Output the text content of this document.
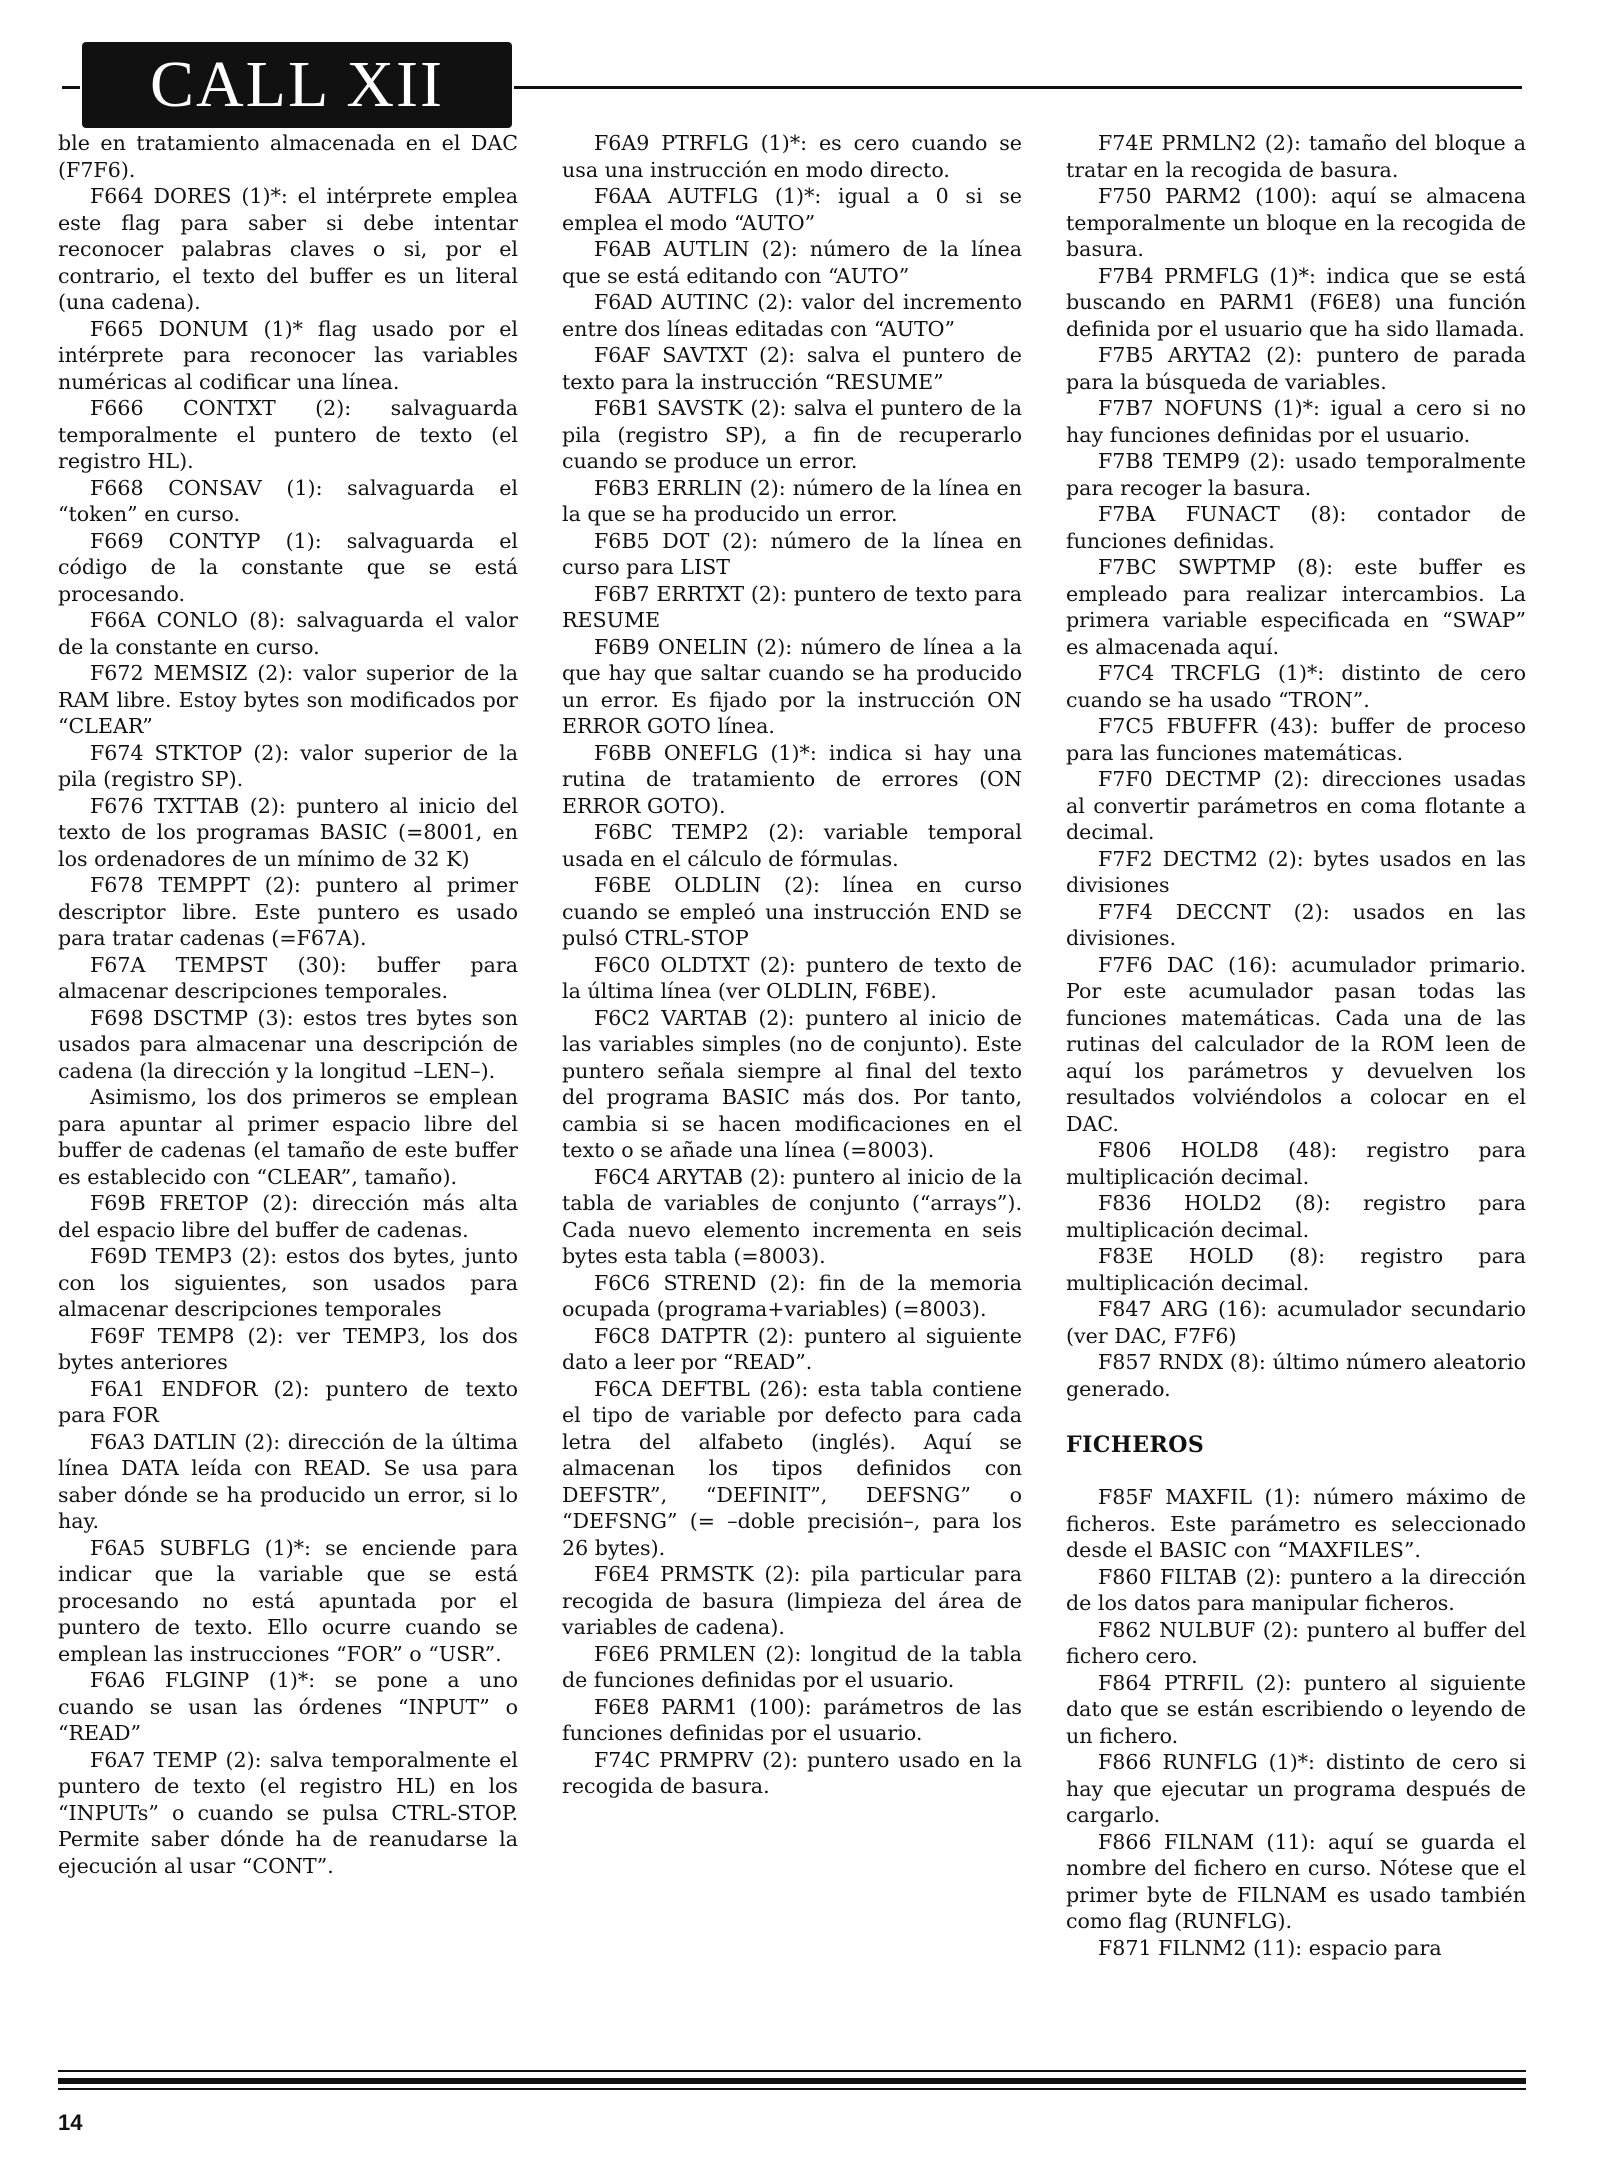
CALL XII

ble en tratamiento almacenada en el DAC (F7F6).

F664 DORES (1)*: el intérprete emplea este flag para saber si debe intentar reconocer palabras claves o si, por el contrario, el texto del buffer es un literal (una cadena).

F665 DONUM (1)* flag usado por el intérprete para reconocer las variables numéricas al codificar una línea.

F666 CONTXT (2): salvaguarda temporalmente el puntero de texto (el registro HL).

F668 CONSAV (1): salvaguarda el “token” en curso.

F669 CONTYP (1): salvaguarda el código de la constante que se está procesando.

F66A CONLO (8): salvaguarda el valor de la constante en curso.

F672 MEMSIZ (2): valor superior de la RAM libre. Estoy bytes son modificados por “CLEAR”

F674 STKTOP (2): valor superior de la pila (registro SP).

F676 TXTTAB (2): puntero al inicio del texto de los programas BASIC (=8001, en los ordenadores de un mínimo de 32 K)

F678 TEMPPT (2): puntero al primer descriptor libre. Este puntero es usado para tratar cadenas (=F67A).

F67A TEMPST (30): buffer para almacenar descripciones temporales.

F698 DSCTMP (3): estos tres bytes son usados para almacenar una descripción de cadena (la dirección y la longitud –LEN–).

Asimismo, los dos primeros se emplean para apuntar al primer espacio libre del buffer de cadenas (el tamaño de este buffer es establecido con “CLEAR”, tamaño).

F69B FRETOP (2): dirección más alta del espacio libre del buffer de cadenas.

F69D TEMP3 (2): estos dos bytes, junto con los siguientes, son usados para almacenar descripciones temporales

F69F TEMP8 (2): ver TEMP3, los dos bytes anteriores

F6A1 ENDFOR (2): puntero de texto para FOR

F6A3 DATLIN (2): dirección de la última línea DATA leída con READ. Se usa para saber dónde se ha producido un error, si lo hay.

F6A5 SUBFLG (1)*: se enciende para indicar que la variable que se está procesando no está apuntada por el puntero de texto. Ello ocurre cuando se emplean las instrucciones “FOR” o “USR”.

F6A6 FLGINP (1)*: se pone a uno cuando se usan las órdenes “INPUT” o “READ”

F6A7 TEMP (2): salva temporalmente el puntero de texto (el registro HL) en los “INPUTs” o cuando se pulsa CTRL-STOP. Permite saber dónde ha de reanudarse la ejecución al usar “CONT”.

F6A9 PTRFLG (1)*: es cero cuando se usa una instrucción en modo directo.

F6AA AUTFLG (1)*: igual a 0 si se emplea el modo “AUTO”

F6AB AUTLIN (2): número de la línea que se está editando con “AUTO”

F6AD AUTINC (2): valor del incremento entre dos líneas editadas con “AUTO”

F6AF SAVTXT (2): salva el puntero de texto para la instrucción “RESUME”

F6B1 SAVSTK (2): salva el puntero de la pila (registro SP), a fin de recuperarlo cuando se produce un error.

F6B3 ERRLIN (2): número de la línea en la que se ha producido un error.

F6B5 DOT (2): número de la línea en curso para LIST

F6B7 ERRTXT (2): puntero de texto para RESUME

F6B9 ONELIN (2): número de línea a la que hay que saltar cuando se ha producido un error. Es fijado por la instrucción ON ERROR GOTO línea.

F6BB ONEFLG (1)*: indica si hay una rutina de tratamiento de errores (ON ERROR GOTO).

F6BC TEMP2 (2): variable temporal usada en el cálculo de fórmulas.

F6BE OLDLIN (2): línea en curso cuando se empleó una instrucción END se pulsó CTRL-STOP

F6C0 OLDTXT (2): puntero de texto de la última línea (ver OLDLIN, F6BE).

F6C2 VARTAB (2): puntero al inicio de las variables simples (no de conjunto). Este puntero señala siempre al final del texto del programa BASIC más dos. Por tanto, cambia si se hacen modificaciones en el texto o se añade una línea (=8003).

F6C4 ARYTAB (2): puntero al inicio de la tabla de variables de conjunto (“arrays”). Cada nuevo elemento incrementa en seis bytes esta tabla (=8003).

F6C6 STREND (2): fin de la memoria ocupada (programa+variables) (=8003).

F6C8 DATPTR (2): puntero al siguiente dato a leer por “READ”.

F6CA DEFTBL (26): esta tabla contiene el tipo de variable por defecto para cada letra del alfabeto (inglés). Aquí se almacenan los tipos definidos con DEFSTR”, “DEFINIT”, DEFSNG” o “DEFSNG” (= –doble precisión–, para los 26 bytes).

F6E4 PRMSTK (2): pila particular para recogida de basura (limpieza del área de variables de cadena).

F6E6 PRMLEN (2): longitud de la tabla de funciones definidas por el usuario.

F6E8 PARM1 (100): parámetros de las funciones definidas por el usuario.

F74C PRMPRV (2): puntero usado en la recogida de basura.

F74E PRMLN2 (2): tamaño del bloque a tratar en la recogida de basura.

F750 PARM2 (100): aquí se almacena temporalmente un bloque en la recogida de basura.

F7B4 PRMFLG (1)*: indica que se está buscando en PARM1 (F6E8) una función definida por el usuario que ha sido llamada.

F7B5 ARYTA2 (2): puntero de parada para la búsqueda de variables.

F7B7 NOFUNS (1)*: igual a cero si no hay funciones definidas por el usuario.

F7B8 TEMP9 (2): usado temporalmente para recoger la basura.

F7BA FUNACT (8): contador de funciones definidas.

F7BC SWPTMP (8): este buffer es empleado para realizar intercambios. La primera variable especificada en “SWAP” es almacenada aquí.

F7C4 TRCFLG (1)*: distinto de cero cuando se ha usado “TRON”.

F7C5 FBUFFR (43): buffer de proceso para las funciones matemáticas.

F7F0 DECTMP (2): direcciones usadas al convertir parámetros en coma flotante a decimal.

F7F2 DECTM2 (2): bytes usados en las divisiones

F7F4 DECCNT (2): usados en las divisiones.

F7F6 DAC (16): acumulador primario. Por este acumulador pasan todas las funciones matemáticas. Cada una de las rutinas del calculador de la ROM leen de aquí los parámetros y devuelven los resultados volviéndolos a colocar en el DAC.

F806 HOLD8 (48): registro para multiplicación decimal.

F836 HOLD2 (8): registro para multiplicación decimal.

F83E HOLD (8): registro para multiplicación decimal.

F847 ARG (16): acumulador secundario (ver DAC, F7F6)

F857 RNDX (8): último número aleatorio generado.

FICHEROS

F85F MAXFIL (1): número máximo de ficheros. Este parámetro es seleccionado desde el BASIC con “MAXFILES”.

F860 FILTAB (2): puntero a la dirección de los datos para manipular ficheros.

F862 NULBUF (2): puntero al buffer del fichero cero.

F864 PTRFIL (2): puntero al siguiente dato que se están escribiendo o leyendo de un fichero.

F866 RUNFLG (1)*: distinto de cero si hay que ejecutar un programa después de cargarlo.

F866 FILNAM (11): aquí se guarda el nombre del fichero en curso. Nótese que el primer byte de FILNAM es usado también como flag (RUNFLG).

F871 FILNM2 (11): espacio para

14
